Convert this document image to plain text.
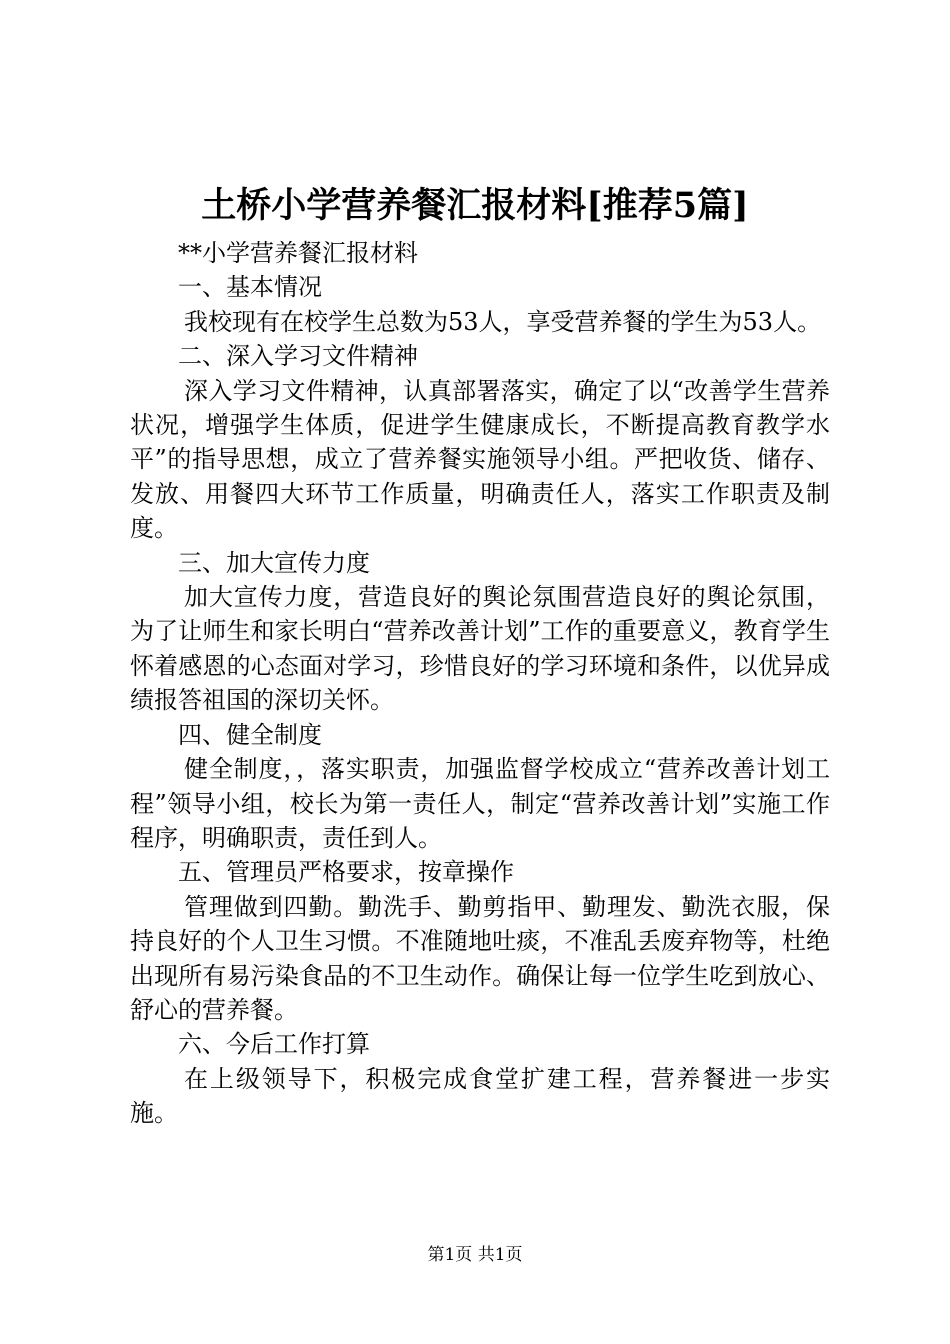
土桥小学营养餐汇报材料[推荐5篇]

**小学营养餐汇报材料

一、基本情况

我校现有在校学生总数为53人，享受营养餐的学生为53人。

二、深入学习文件精神

深入学习文件精神，认真部署落实，确定了以“改善学生营养状况，增强学生体质，促进学生健康成长，不断提高教育教学水平”的指导思想，成立了营养餐实施领导小组。严把收货、储存、发放、用餐四大环节工作质量，明确责任人，落实工作职责及制度。

三、加大宣传力度

加大宣传力度，营造良好的舆论氛围营造良好的舆论氛围，为了让师生和家长明白“营养改善计划”工作的重要意义，教育学生怀着感恩的心态面对学习，珍惜良好的学习环境和条件，以优异成绩报答祖国的深切关怀。

四、健全制度

健全制度，，落实职责，加强监督学校成立“营养改善计划工程”领导小组，校长为第一责任人，制定“营养改善计划”实施工作程序，明确职责，责任到人。

五、管理员严格要求，按章操作

管理做到四勤。勤洗手、勤剪指甲、勤理发、勤洗衣服，保持良好的个人卫生习惯。不准随地吐痰，不准乱丢废弃物等，杜绝出现所有易污染食品的不卫生动作。确保让每一位学生吃到放心、舒心的营养餐。

六、今后工作打算

在上级领导下，积极完成食堂扩建工程，营养餐进一步实施。

第1页 共1页
